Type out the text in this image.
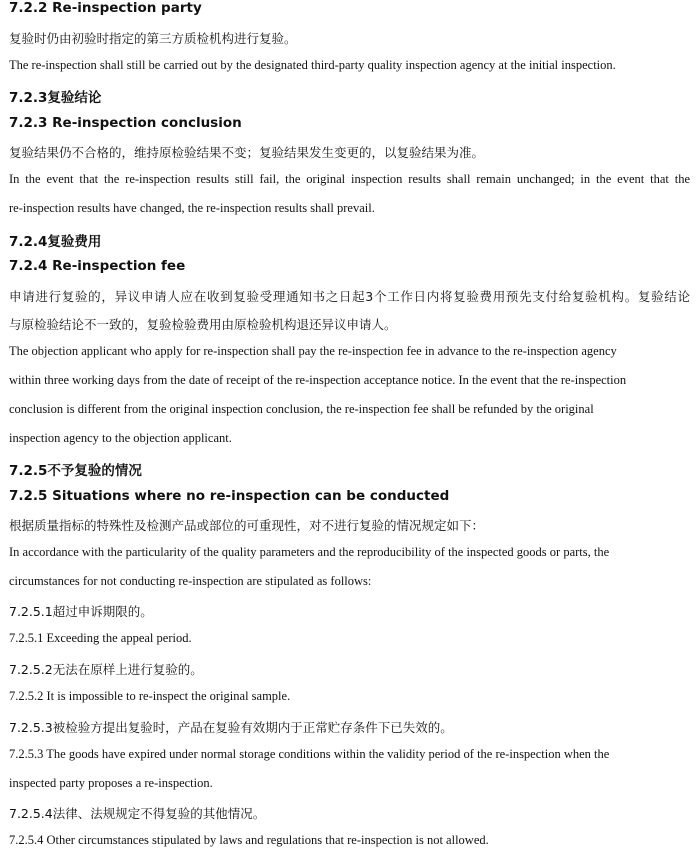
7.2.2 Re-inspection party
复验时仍由初验时指定的第三方质检机构进行复验。
The re-inspection shall still be carried out by the designated third-party quality inspection agency at the initial inspection.
7.2.3复验结论
7.2.3 Re-inspection conclusion
复验结果仍不合格的，维持原检验结果不变；复验结果发生变更的，以复验结果为准。
In the event that the re-inspection results still fail, the original inspection results shall remain unchanged; in the event that the
re-inspection results have changed, the re-inspection results shall prevail.
7.2.4复验费用
7.2.4 Re-inspection fee
申请进行复验的，异议申请人应在收到复验受理通知书之日起3个工作日内将复验费用预先支付给复验机构。复验结论
与原检验结论不一致的，复验检验费用由原检验机构退还异议申请人。
The objection applicant who apply for re-inspection shall pay the re-inspection fee in advance to the re-inspection agency
within three working days from the date of receipt of the re-inspection acceptance notice. In the event that the re-inspection
conclusion is different from the original inspection conclusion, the re-inspection fee shall be refunded by the original
inspection agency to the objection applicant.
7.2.5不予复验的情况
7.2.5 Situations where no re-inspection can be conducted
根据质量指标的特殊性及检测产品或部位的可重现性，对不进行复验的情况规定如下：
In accordance with the particularity of the quality parameters and the reproducibility of the inspected goods or parts, the
circumstances for not conducting re-inspection are stipulated as follows:
7.2.5.1超过申诉期限的。
7.2.5.1 Exceeding the appeal period.
7.2.5.2无法在原样上进行复验的。
7.2.5.2 It is impossible to re-inspect the original sample.
7.2.5.3被检验方提出复验时，产品在复验有效期内于正常贮存条件下已失效的。
7.2.5.3 The goods have expired under normal storage conditions within the validity period of the re-inspection when the
inspected party proposes a re-inspection.
7.2.5.4法律、法规规定不得复验的其他情况。
7.2.5.4 Other circumstances stipulated by laws and regulations that re-inspection is not allowed.
